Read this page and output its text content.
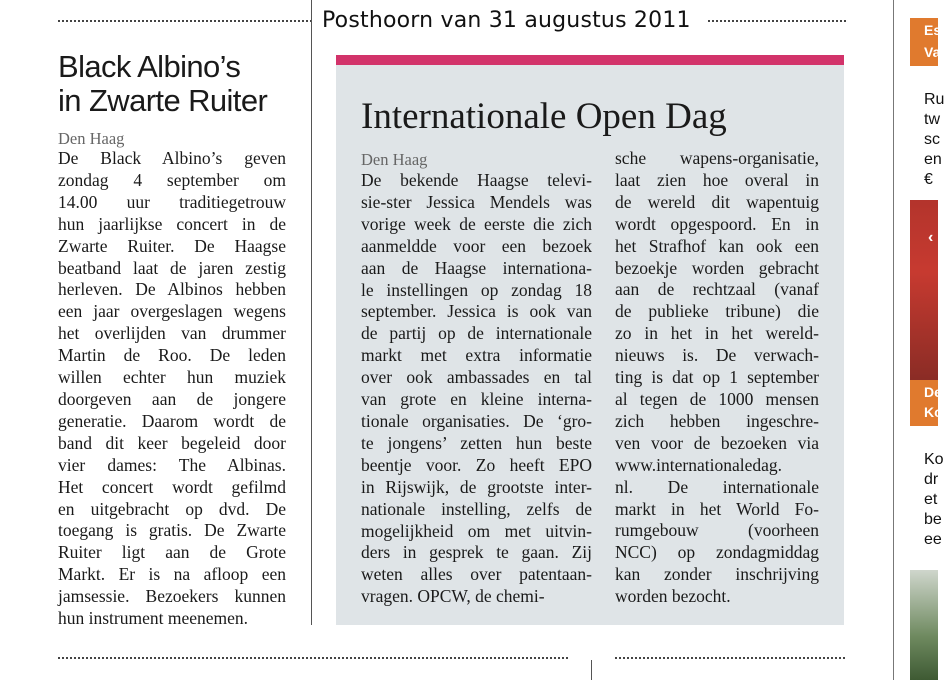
Posthoorn van 31 augustus 2011
Black Albino’s
in Zwarte Ruiter
Den Haag
De Black Albino’s geven
zondag 4 september om
14.00 uur traditiegetrouw
hun jaarlijkse concert in de
Zwarte Ruiter. De Haagse
beatband laat de jaren zestig
herleven. De Albinos hebben
een jaar overgeslagen wegens
het overlijden van drummer
Martin de Roo. De leden
willen echter hun muziek
doorgeven aan de jongere
generatie. Daarom wordt de
band dit keer begeleid door
vier dames: The Albinas.
Het concert wordt gefilmd
en uitgebracht op dvd. De
toegang is gratis. De Zwarte
Ruiter ligt aan de Grote
Markt. Er is na afloop een
jamsessie. Bezoekers kunnen
hun instrument meenemen.
Internationale Open Dag
Den Haag
De bekende Haagse televi-
sie-ster Jessica Mendels was
vorige week de eerste die zich
aanmeldde voor een bezoek
aan de Haagse internationa-
le instellingen op zondag 18
september. Jessica is ook van
de partij op de internationale
markt met extra informatie
over ook ambassades en tal
van grote en kleine interna-
tionale organisaties. De ‘gro-
te jongens’ zetten hun beste
beentje voor. Zo heeft EPO
in Rijswijk, de grootste inter-
nationale instelling, zelfs de
mogelijkheid om met uitvin-
ders in gesprek te gaan. Zij
weten alles over patentaan-
vragen. OPCW, de chemi-
sche wapens-organisatie,
laat zien hoe overal in
de wereld dit wapentuig
wordt opgespoord. En in
het Strafhof kan ook een
bezoekje worden gebracht
aan de rechtzaal (vanaf
de publieke tribune) die
zo in het in het wereld-
nieuws is. De verwach-
ting is dat op 1 september
al tegen de 1000 mensen
zich hebben ingeschre-
ven voor de bezoeken via
www.internationaledag.
nl. De internationale
markt in het World Fo-
rumgebouw (voorheen
NCC) op zondagmiddag
kan zonder inschrijving
worden bezocht.
Es
Va
Ru
tw
sc
en
€
‹
De
Ko
Ko
dr
et
be
ee
